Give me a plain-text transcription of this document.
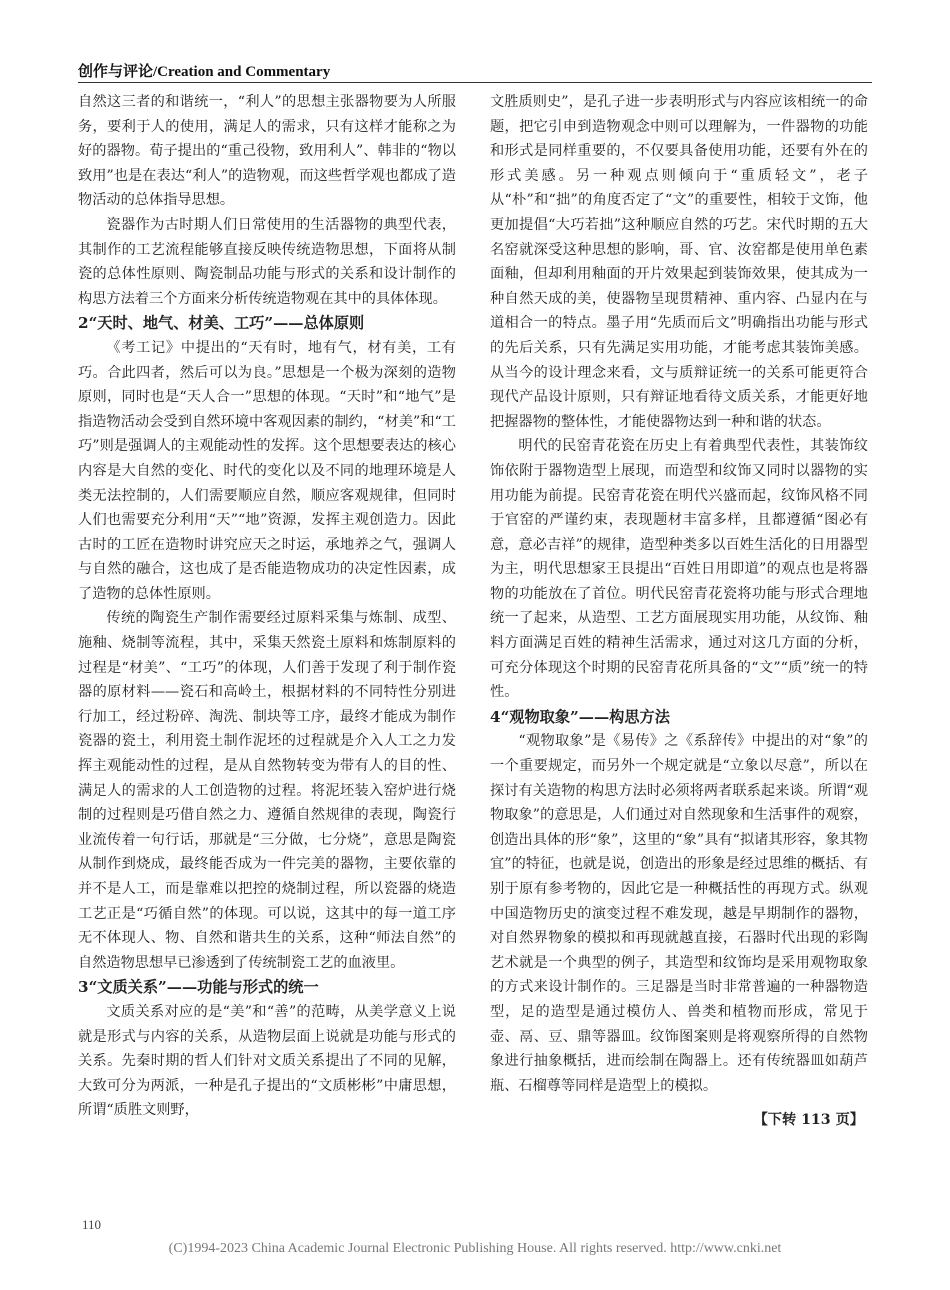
创作与评论/Creation and Commentary

自然这三者的和谐统一，“利人”的思想主张器物要为人所服务，要利于人的使用，满足人的需求，只有这样才能称之为好的器物。荀子提出的“重己役物，致用利人”、韩非的“物以致用”也是在表达“利人”的造物观，而这些哲学观也都成了造物活动的总体指导思想。

瓷器作为古时期人们日常使用的生活器物的典型代表，其制作的工艺流程能够直接反映传统造物思想，下面将从制瓷的总体性原则、陶瓷制品功能与形式的关系和设计制作的构思方法着三个方面来分析传统造物观在其中的具体体现。

2“天时、地气、材美、工巧”——总体原则

《考工记》中提出的“天有时，地有气，材有美，工有巧。合此四者，然后可以为良。”思想是一个极为深刻的造物原则，同时也是“天人合一”思想的体现。“天时”和“地气”是指造物活动会受到自然环境中客观因素的制约，“材美”和“工巧”则是强调人的主观能动性的发挥。这个思想要表达的核心内容是大自然的变化、时代的变化以及不同的地理环境是人类无法控制的，人们需要顺应自然，顺应客观规律，但同时人们也需要充分利用“天”“地”资源，发挥主观创造力。因此古时的工匠在造物时讲究应天之时运，承地养之气，强调人与自然的融合，这也成了是否能造物成功的决定性因素，成了造物的总体性原则。

传统的陶瓷生产制作需要经过原料采集与炼制、成型、施釉、烧制等流程，其中，采集天然瓷土原料和炼制原料的过程是“材美”、“工巧”的体现，人们善于发现了利于制作瓷器的原材料——瓷石和高岭土，根据材料的不同特性分别进行加工，经过粉碎、淘洗、制块等工序，最终才能成为制作瓷器的瓷土，利用瓷土制作泥坯的过程就是介入人工之力发挥主观能动性的过程，是从自然物转变为带有人的目的性、满足人的需求的人工创造物的过程。将泥坯装入窑炉进行烧制的过程则是巧借自然之力、遵循自然规律的表现，陶瓷行业流传着一句行话，那就是“三分做，七分烧”，意思是陶瓷从制作到烧成，最终能否成为一件完美的器物，主要依靠的并不是人工，而是靠难以把控的烧制过程，所以瓷器的烧造工艺正是“巧循自然”的体现。可以说，这其中的每一道工序无不体现人、物、自然和谐共生的关系，这种“师法自然”的自然造物思想早已渗透到了传统制瓷工艺的血液里。

3“文质关系”——功能与形式的统一

文质关系对应的是“美”和“善”的范畴，从美学意义上说就是形式与内容的关系，从造物层面上说就是功能与形式的关系。先秦时期的哲人们针对文质关系提出了不同的见解，大致可分为两派，一种是孔子提出的“文质彬彬”中庸思想，所谓“质胜文则野，

文胜质则史”，是孔子进一步表明形式与内容应该相统一的命题，把它引申到造物观念中则可以理解为，一件器物的功能和形式是同样重要的，不仅要具备使用功能，还要有外在的形式美感。另一种观点则倾向于“重质轻文”，老子从“朴”和“拙”的角度否定了“文”的重要性，相较于文饰，他更加提倡“大巧若拙”这种顺应自然的巧艺。宋代时期的五大名窑就深受这种思想的影响，哥、官、汝窑都是使用单色素面釉，但却利用釉面的开片效果起到装饰效果，使其成为一种自然天成的美，使器物呈现贯精神、重内容、凸显内在与道相合一的特点。墨子用“先质而后文”明确指出功能与形式的先后关系，只有先满足实用功能，才能考虑其装饰美感。从当今的设计理念来看，文与质辩证统一的关系可能更符合现代产品设计原则，只有辩证地看待文质关系，才能更好地把握器物的整体性，才能使器物达到一种和谐的状态。

明代的民窑青花瓷在历史上有着典型代表性，其装饰纹饰依附于器物造型上展现，而造型和纹饰又同时以器物的实用功能为前提。民窑青花瓷在明代兴盛而起，纹饰风格不同于官窑的严谨约束，表现题材丰富多样，且都遵循“图必有意，意必吉祥”的规律，造型种类多以百姓生活化的日用器型为主，明代思想家王艮提出“百姓日用即道”的观点也是将器物的功能放在了首位。明代民窑青花瓷将功能与形式合理地统一了起来，从造型、工艺方面展现实用功能，从纹饰、釉料方面满足百姓的精神生活需求，通过对这几方面的分析，可充分体现这个时期的民窑青花所具备的“文”“质”统一的特性。

4“观物取象”——构思方法

“观物取象”是《易传》之《系辞传》中提出的对“象”的一个重要规定，而另外一个规定就是“立象以尽意”，所以在探讨有关造物的构思方法时必须将两者联系起来谈。所谓“观物取象”的意思是，人们通过对自然现象和生活事件的观察，创造出具体的形“象”，这里的“象”具有“拟诸其形容，象其物宜”的特征，也就是说，创造出的形象是经过思维的概括、有别于原有参考物的，因此它是一种概括性的再现方式。纵观中国造物历史的演变过程不难发现，越是早期制作的器物，对自然界物象的模拟和再现就越直接，石器时代出现的彩陶艺术就是一个典型的例子，其造型和纹饰均是采用观物取象的方式来设计制作的。三足器是当时非常普遍的一种器物造型，足的造型是通过模仿人、兽类和植物而形成，常见于壶、鬲、豆、鼎等器皿。纹饰图案则是将观察所得的自然物象进行抽象概括，进而绘制在陶器上。还有传统器皿如葫芦瓶、石榴尊等同样是造型上的模拟。

【下转 113 页】
110
(C)1994-2023 China Academic Journal Electronic Publishing House. All rights reserved. http://www.cnki.net
